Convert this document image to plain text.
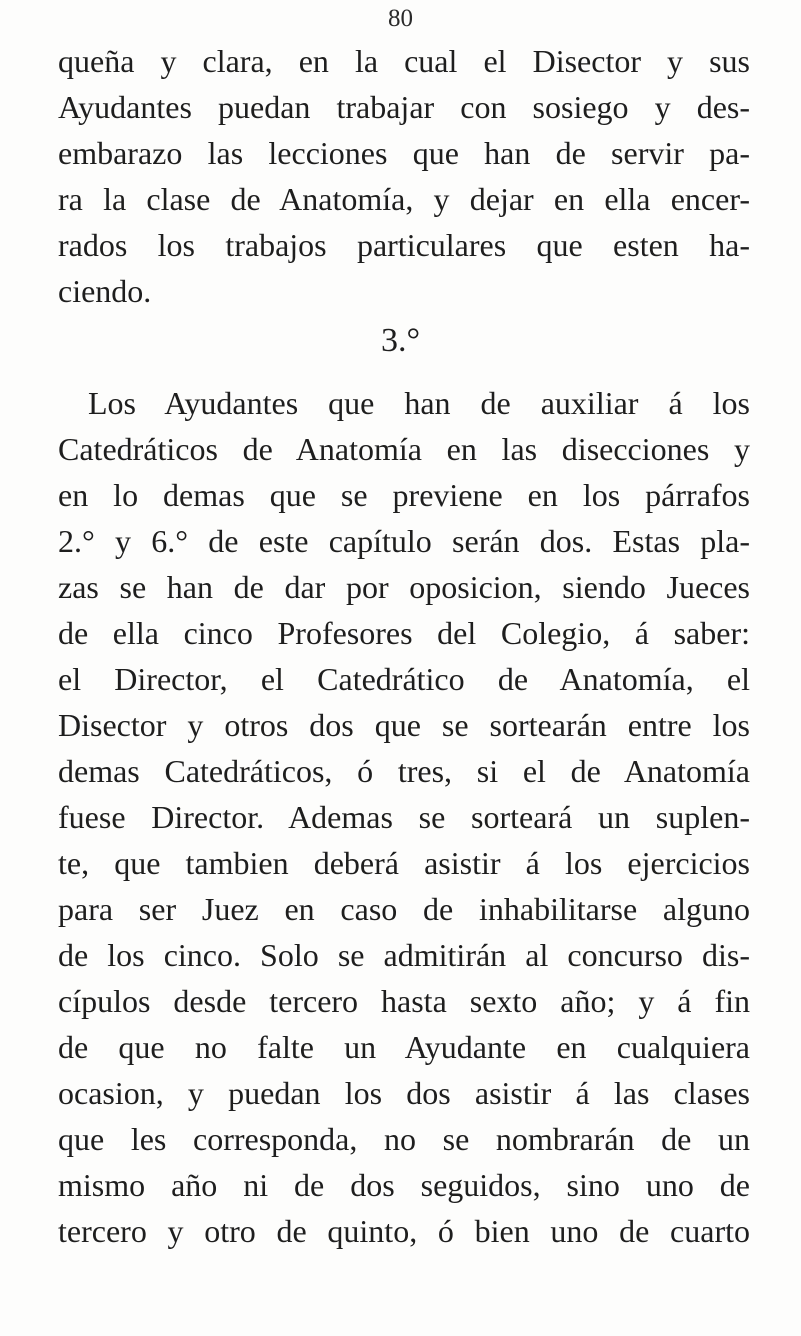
80

queña y clara, en la cual el Disector y sus
Ayudantes puedan trabajar con sosiego y des-
embarazo las lecciones que han de servir pa-
ra la clase de Anatomía, y dejar en ella encer-
rados los trabajos particulares que esten ha-
ciendo.

3.°

Los Ayudantes que han de auxiliar á los
Catedráticos de Anatomía en las disecciones y
en lo demas que se previene en los párrafos
2.° y 6.° de este capítulo serán dos. Estas pla-
zas se han de dar por oposicion, siendo Jueces
de ella cinco Profesores del Colegio, á saber:
el Director, el Catedrático de Anatomía, el
Disector y otros dos que se sortearán entre los
demas Catedráticos, ó tres, si el de Anatomía
fuese Director. Ademas se sorteará un suplen-
te, que tambien deberá asistir á los ejercicios
para ser Juez en caso de inhabilitarse alguno
de los cinco. Solo se admitirán al concurso dis-
cípulos desde tercero hasta sexto año; y á fin
de que no falte un Ayudante en cualquiera
ocasion, y puedan los dos asistir á las clases
que les corresponda, no se nombrarán de un
mismo año ni de dos seguidos, sino uno de
tercero y otro de quinto, ó bien uno de cuarto
